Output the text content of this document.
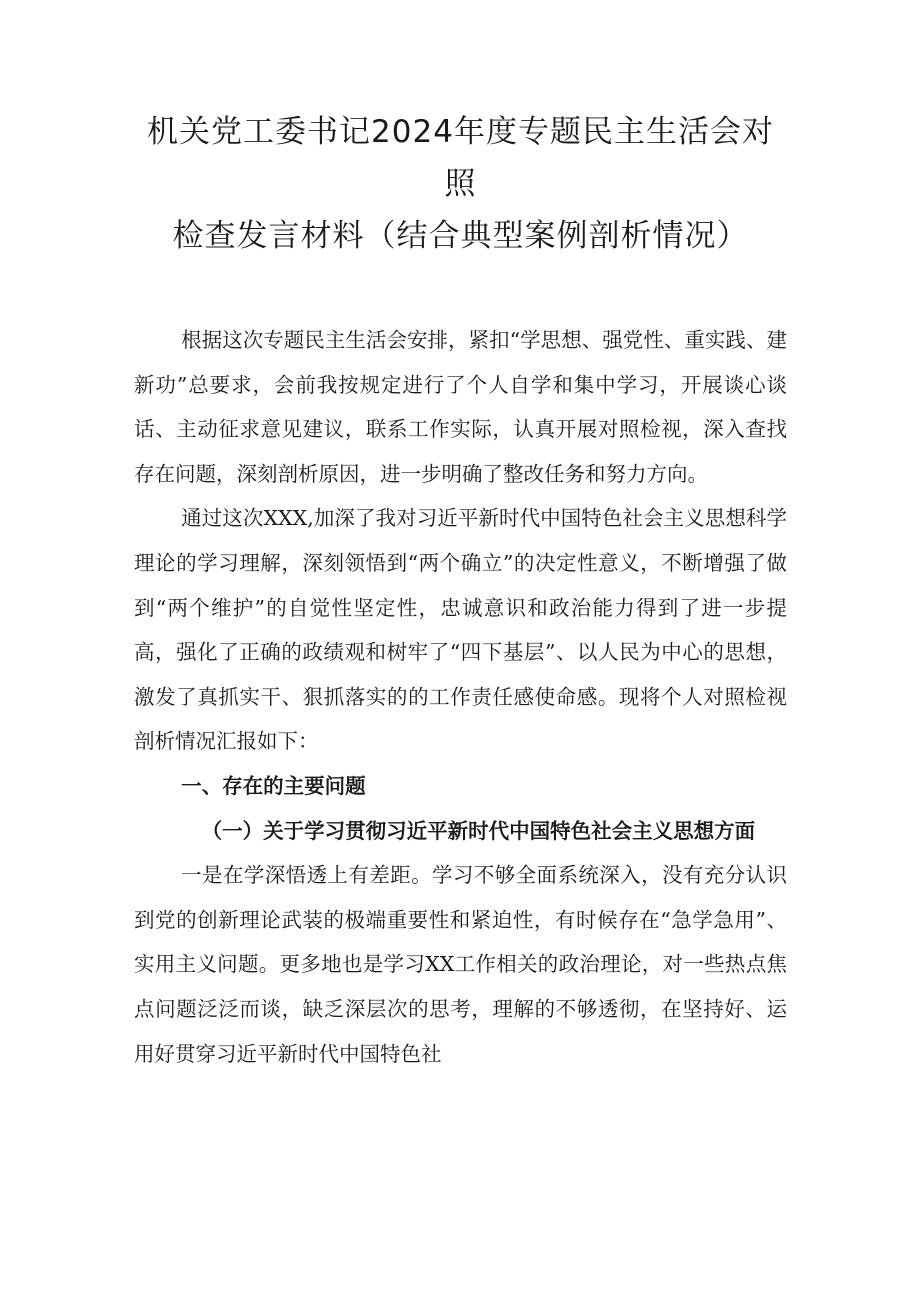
机关党工委书记2024年度专题民主生活会对照
检查发言材料（结合典型案例剖析情况）

根据这次专题民主生活会安排，紧扣“学思想、强党性、重实践、建新功”总要求，会前我按规定进行了个人自学和集中学习，开展谈心谈话、主动征求意见建议，联系工作实际，认真开展对照检视，深入查找存在问题，深刻剖析原因，进一步明确了整改任务和努力方向。

通过这次XXX,加深了我对习近平新时代中国特色社会主义思想科学理论的学习理解，深刻领悟到“两个确立”的决定性意义，不断增强了做到“两个维护”的自觉性坚定性，忠诚意识和政治能力得到了进一步提高，强化了正确的政绩观和树牢了“四下基层”、以人民为中心的思想，激发了真抓实干、狠抓落实的的工作责任感使命感。现将个人对照检视剖析情况汇报如下：

一、存在的主要问题

（一）关于学习贯彻习近平新时代中国特色社会主义思想方面

一是在学深悟透上有差距。学习不够全面系统深入，没有充分认识到党的创新理论武装的极端重要性和紧迫性，有时候存在“急学急用”、实用主义问题。更多地也是学习XX工作相关的政治理论，对一些热点焦点问题泛泛而谈，缺乏深层次的思考，理解的不够透彻，在坚持好、运用好贯穿习近平新时代中国特色社
